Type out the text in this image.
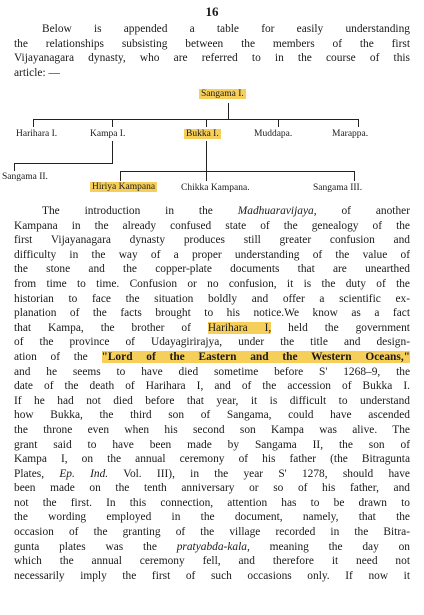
16
Below is appended a table for easily understanding
the relationships subsisting between the members of the first
Vijayanagara dynasty, who are referred to in the course of this
article: —
Sangama I.
Harihara I.	Kampa I.	Bukka I.	Muddapa.	Marappa.
Sangama II.
Hiriya Kampana	Chikka Kampana.	Sangama III.
The introduction in the Madhuaravijaya, of another
Kampana in the already confused state of the genealogy of the
first Vijayanagara dynasty produces still greater confusion and
difficulty in the way of a proper understanding of the value of
the stone and the copper-plate documents that are unearthed
from time to time. Confusion or no confusion, it is the duty of the
historian to face the situation boldly and offer a scientific ex-
planation of the facts brought to his notice.We know as a fact
that Kampa, the brother of Harihara I, held the government
of the province of Udayagirirajya, under the title and design-
ation of the "Lord of the Eastern and the Western Oceans,"
and he seems to have died sometime before S' 1268–9, the
date of the death of Harihara I, and of the accession of Bukka I.
If he had not died before that year, it is difficult to understand
how Bukka, the third son of Sangama, could have ascended
the throne even when his second son Kampa was alive. The
grant said to have been made by Sangama II, the son of
Kampa I, on the annual ceremony of his father (the Bitragunta
Plates, Ep. Ind. Vol. III), in the year S' 1278, should have
been made on the tenth anniversary or so of his father, and
not the first. In this connection, attention has to be drawn to
the wording employed in the document, namely, that the
occasion of the granting of the village recorded in the Bitra-
gunta plates was the pratyabda-kala, meaning the day on
which the annual ceremony fell, and therefore it need not
necessarily imply the first of such occasions only. If now it
